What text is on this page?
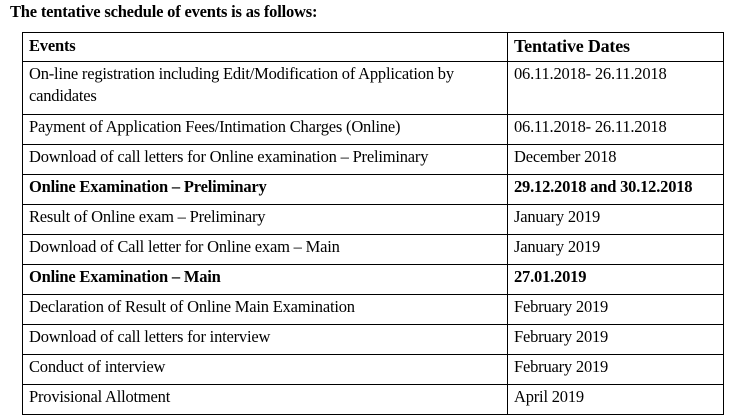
The tentative schedule of events is as follows:
Events	Tentative Dates
On-line registration including Edit/Modification of Application by candidates	06.11.2018- 26.11.2018
Payment of Application Fees/Intimation Charges (Online)	06.11.2018- 26.11.2018
Download of call letters for Online examination – Preliminary	December 2018
Online Examination – Preliminary	29.12.2018 and 30.12.2018
Result of Online exam – Preliminary	January 2019
Download of Call letter for Online exam – Main	January 2019
Online Examination – Main	27.01.2019
Declaration of Result of Online Main Examination	February 2019
Download of call letters for interview	February 2019
Conduct of interview	February 2019
Provisional Allotment	April 2019
